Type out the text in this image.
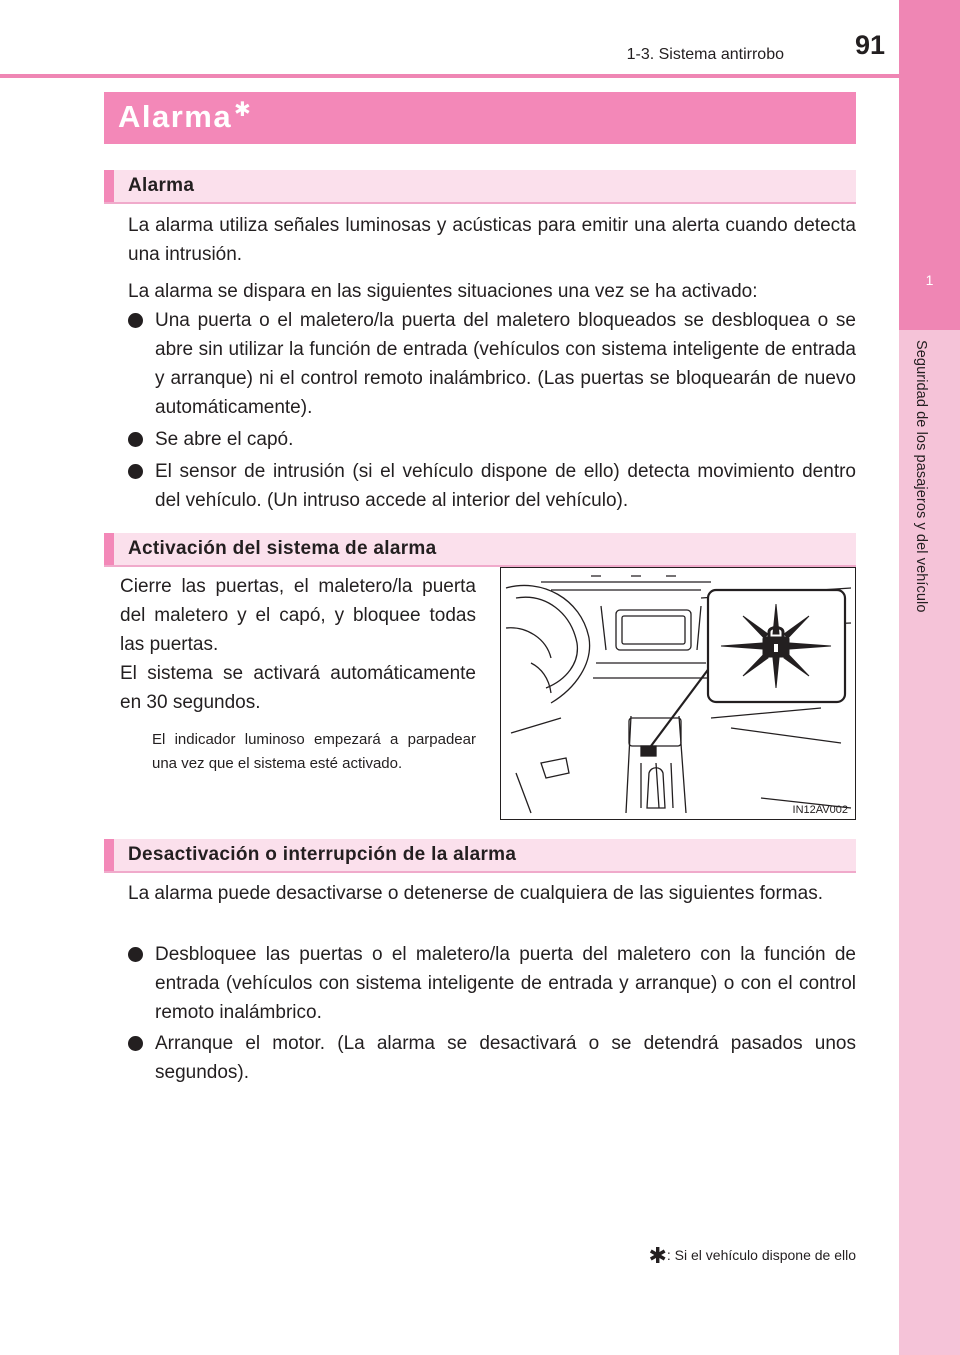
1
Seguridad de los pasajeros y del vehículo
1-3. Sistema antirrobo	91
Alarma ✱
Alarma
La alarma utiliza señales luminosas y acústicas para emitir una alerta cuando detecta una intrusión.
La alarma se dispara en las siguientes situaciones una vez se ha activado:
Una puerta o el maletero/la puerta del maletero bloqueados se desbloquea o se abre sin utilizar la función de entrada (vehículos con sistema inteligente de entrada y arranque) ni el control remoto inalámbrico. (Las puertas se bloquearán de nuevo automáticamente).
Se abre el capó.
El sensor de intrusión (si el vehículo dispone de ello) detecta movimiento dentro del vehículo. (Un intruso accede al interior del vehículo).
Activación del sistema de alarma
Cierre las puertas, el maletero/la puerta del maletero y el capó, y bloquee todas las puertas.
El sistema se activará automáticamente en 30 segundos.
El indicador luminoso empezará a parpadear una vez que el sistema esté activado.
IN12AV002
Desactivación o interrupción de la alarma
La alarma puede desactivarse o detenerse de cualquiera de las siguientes formas.
Desbloquee las puertas o el maletero/la puerta del maletero con la función de entrada (vehículos con sistema inteligente de entrada y arranque) o con el control remoto inalámbrico.
Arranque el motor. (La alarma se desactivará o se detendrá pasados unos segundos).
✱: Si el vehículo dispone de ello
